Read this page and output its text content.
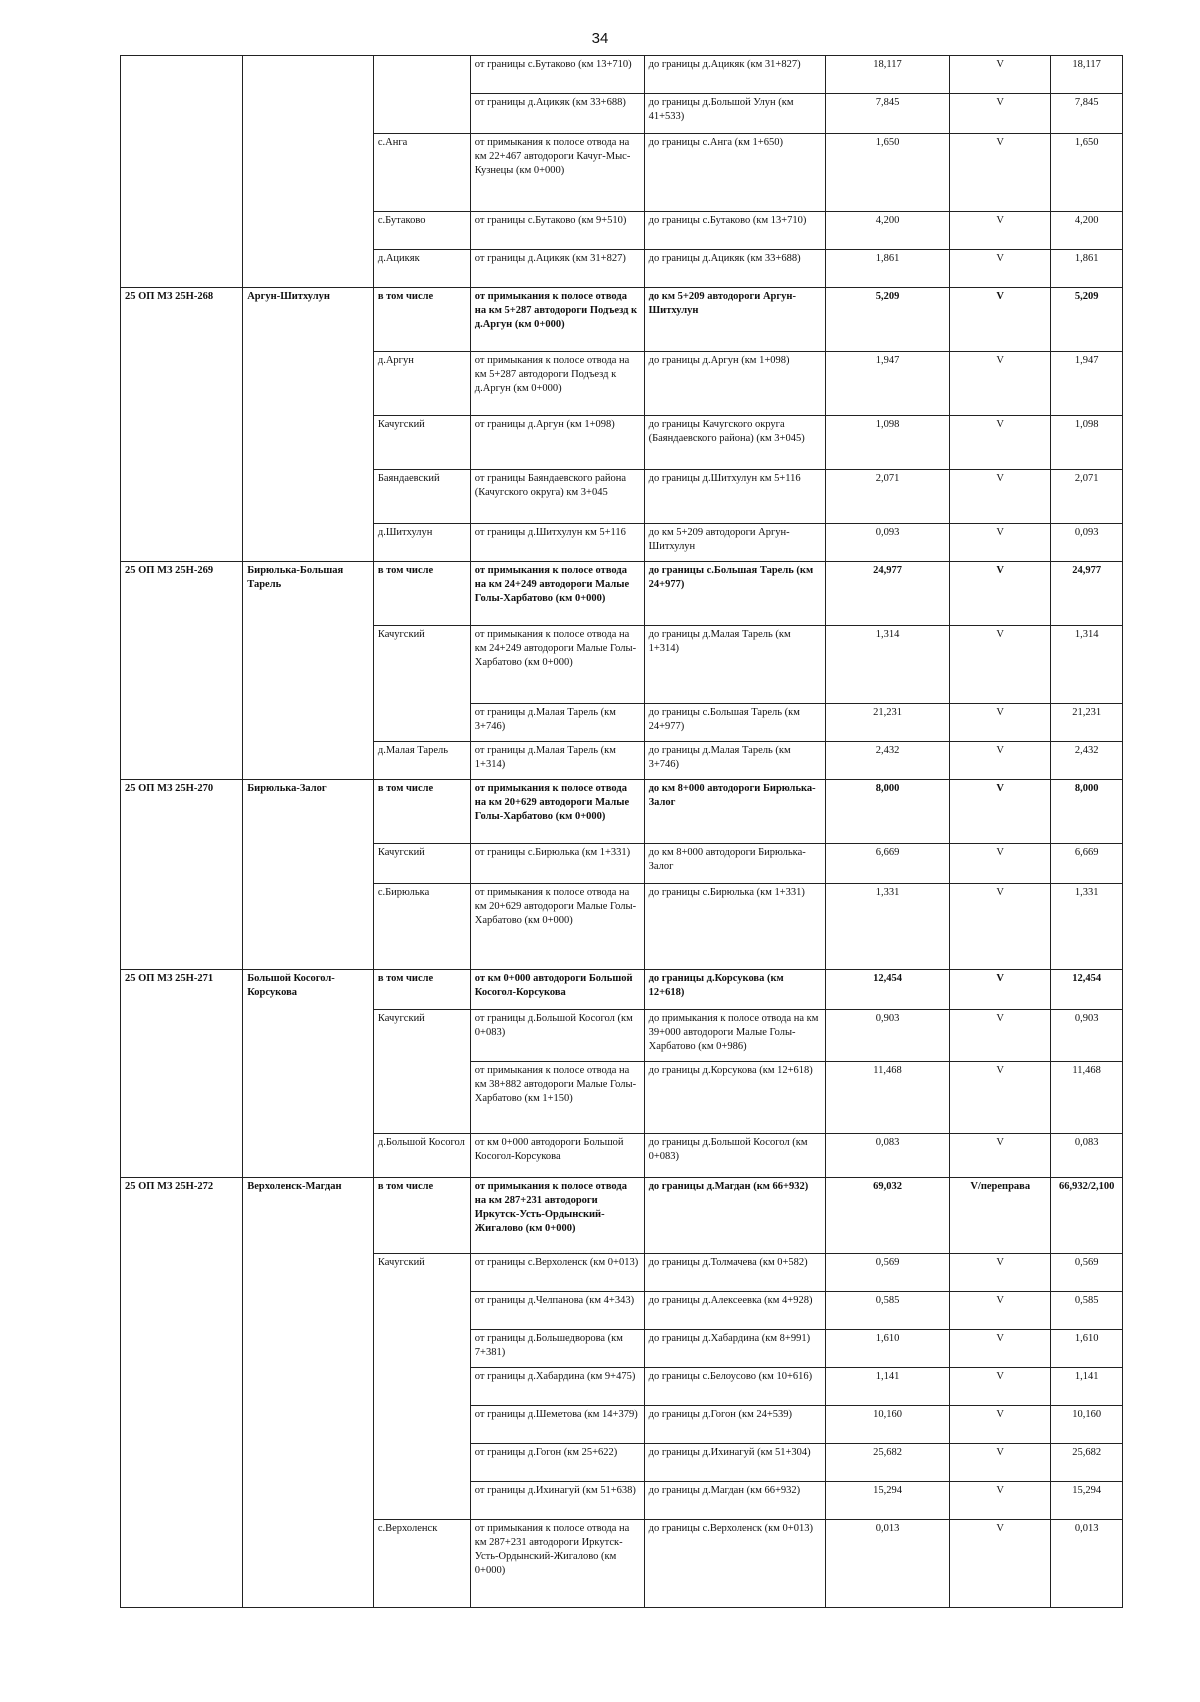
34
			от границы с.Бутаково (км 13+710)	до границы д.Ацикяк (км 31+827)	18,117	V	18,117
			от границы д.Ацикяк (км 33+688)	до границы д.Большой Улун (км 41+533)	7,845	V	7,845
		с.Анга	от примыкания к полосе отвода на км 22+467 автодороги Качуг-Мыс-Кузнецы (км 0+000)	до границы с.Анга (км 1+650)	1,650	V	1,650
		с.Бутаково	от границы с.Бутаково (км 9+510)	до границы с.Бутаково (км 13+710)	4,200	V	4,200
		д.Ацикяк	от границы д.Ацикяк (км 31+827)	до границы д.Ацикяк (км 33+688)	1,861	V	1,861
25 ОП МЗ 25Н-268	Аргун-Шитхулун	в том числе	от примыкания к полосе отвода на км 5+287 автодороги Подъезд к д.Аргун (км 0+000)	до км 5+209 автодороги Аргун-Шитхулун	5,209	V	5,209
		д.Аргун	от примыкания к полосе отвода на км 5+287 автодороги Подъезд к д.Аргун (км 0+000)	до границы д.Аргун (км 1+098)	1,947	V	1,947
		Качугский	от границы д.Аргун (км 1+098)	до границы Качугского округа (Баяндаевского района) (км 3+045)	1,098	V	1,098
		Баяндаевский	от границы Баяндаевского района (Качугского округа) км 3+045	до границы д.Шитхулун км 5+116	2,071	V	2,071
		д.Шитхулун	от границы д.Шитхулун км 5+116	до км 5+209 автодороги Аргун-Шитхулун	0,093	V	0,093
25 ОП МЗ 25Н-269	Бирюлька-Большая Тарель	в том числе	от примыкания к полосе отвода на км 24+249 автодороги Малые Голы-Харбатово (км 0+000)	до границы с.Большая Тарель (км 24+977)	24,977	V	24,977
		Качугский	от примыкания к полосе отвода на км 24+249 автодороги Малые Голы-Харбатово (км 0+000)	до границы д.Малая Тарель (км 1+314)	1,314	V	1,314
			от границы д.Малая Тарель (км 3+746)	до границы с.Большая Тарель (км 24+977)	21,231	V	21,231
		д.Малая Тарель	от границы д.Малая Тарель (км 1+314)	до границы д.Малая Тарель (км 3+746)	2,432	V	2,432
25 ОП МЗ 25Н-270	Бирюлька-Залог	в том числе	от примыкания к полосе отвода на км 20+629 автодороги Малые Голы-Харбатово (км 0+000)	до км 8+000 автодороги Бирюлька-Залог	8,000	V	8,000
		Качугский	от границы с.Бирюлька (км 1+331)	до км 8+000 автодороги Бирюлька-Залог	6,669	V	6,669
		с.Бирюлька	от примыкания к полосе отвода на км 20+629 автодороги Малые Голы-Харбатово (км 0+000)	до границы с.Бирюлька (км 1+331)	1,331	V	1,331
25 ОП МЗ 25Н-271	Большой Косогол-Корсукова	в том числе	от км 0+000 автодороги Большой Косогол-Корсукова	до границы д.Корсукова (км 12+618)	12,454	V	12,454
		Качугский	от границы д.Большой Косогол (км 0+083)	до примыкания к полосе отвода на км 39+000 автодороги Малые Голы-Харбатово (км 0+986)	0,903	V	0,903
			от примыкания к полосе отвода на км 38+882 автодороги Малые Голы-Харбатово (км 1+150)	до границы д.Корсукова (км 12+618)	11,468	V	11,468
		д.Большой Косогол	от км 0+000 автодороги Большой Косогол-Корсукова	до границы д.Большой Косогол (км 0+083)	0,083	V	0,083
25 ОП МЗ 25Н-272	Верхоленск-Магдан	в том числе	от примыкания к полосе отвода на км 287+231 автодороги Иркутск-Усть-Ордынский-Жигалово (км 0+000)	до границы д.Магдан (км 66+932)	69,032	V/переправа	66,932/2,100
		Качугский	от границы с.Верхоленск (км 0+013)	до границы д.Толмачева (км 0+582)	0,569	V	0,569
			от границы д.Челпанова (км 4+343)	до границы д.Алексеевка (км 4+928)	0,585	V	0,585
			от границы д.Большедворова (км 7+381)	до границы д.Хабардина (км 8+991)	1,610	V	1,610
			от границы д.Хабардина (км 9+475)	до границы с.Белоусово (км 10+616)	1,141	V	1,141
			от границы д.Шеметова (км 14+379)	до границы д.Гогон (км 24+539)	10,160	V	10,160
			от границы д.Гогон (км 25+622)	до границы д.Ихинагуй (км 51+304)	25,682	V	25,682
			от границы д.Ихинагуй (км 51+638)	до границы д.Магдан (км 66+932)	15,294	V	15,294
		с.Верхоленск	от примыкания к полосе отвода на км 287+231 автодороги Иркутск-Усть-Ордынский-Жигалово (км 0+000)	до границы с.Верхоленск (км 0+013)	0,013	V	0,013
